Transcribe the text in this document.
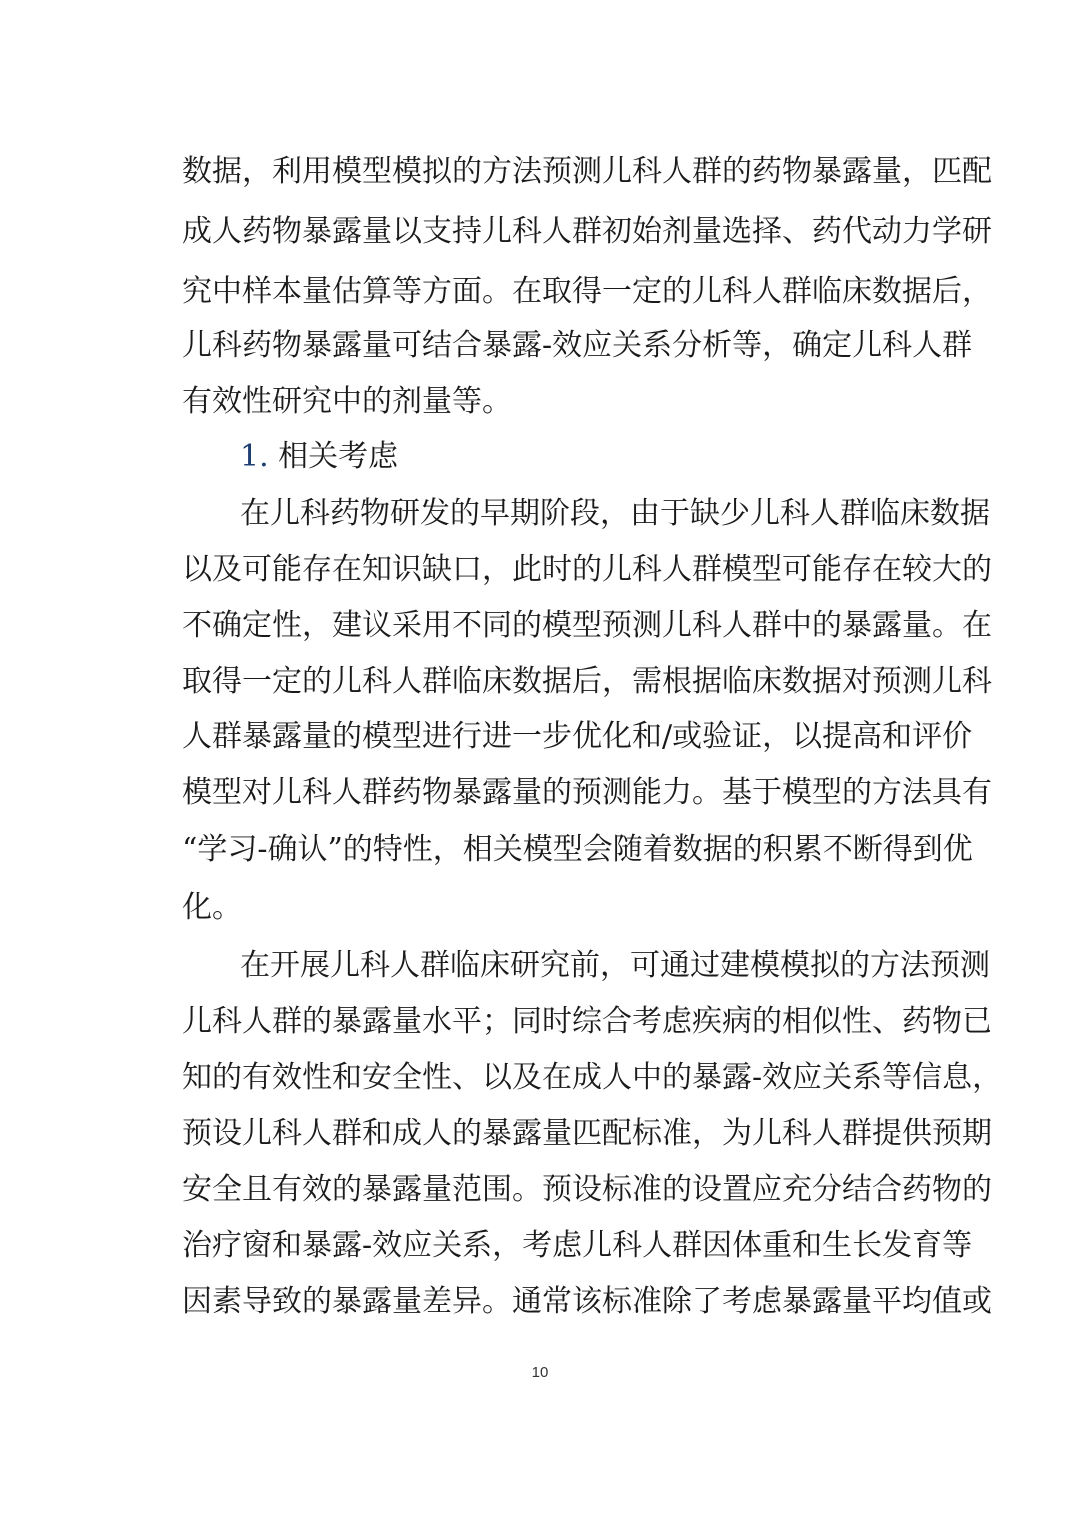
数据，利用模型模拟的方法预测儿科人群的药物暴露量，匹配
成人药物暴露量以支持儿科人群初始剂量选择、药代动力学研
究中样本量估算等方面。在取得一定的儿科人群临床数据后，
儿科药物暴露量可结合暴露-效应关系分析等，确定儿科人群
有效性研究中的剂量等。
1. 相关考虑
在儿科药物研发的早期阶段，由于缺少儿科人群临床数据
以及可能存在知识缺口，此时的儿科人群模型可能存在较大的
不确定性，建议采用不同的模型预测儿科人群中的暴露量。在
取得一定的儿科人群临床数据后，需根据临床数据对预测儿科
人群暴露量的模型进行进一步优化和/或验证，以提高和评价
模型对儿科人群药物暴露量的预测能力。基于模型的方法具有
“学习-确认”的特性，相关模型会随着数据的积累不断得到优
化。
在开展儿科人群临床研究前，可通过建模模拟的方法预测
儿科人群的暴露量水平；同时综合考虑疾病的相似性、药物已
知的有效性和安全性、以及在成人中的暴露-效应关系等信息，
预设儿科人群和成人的暴露量匹配标准，为儿科人群提供预期
安全且有效的暴露量范围。预设标准的设置应充分结合药物的
治疗窗和暴露-效应关系，考虑儿科人群因体重和生长发育等
因素导致的暴露量差异。通常该标准除了考虑暴露量平均值或
10
